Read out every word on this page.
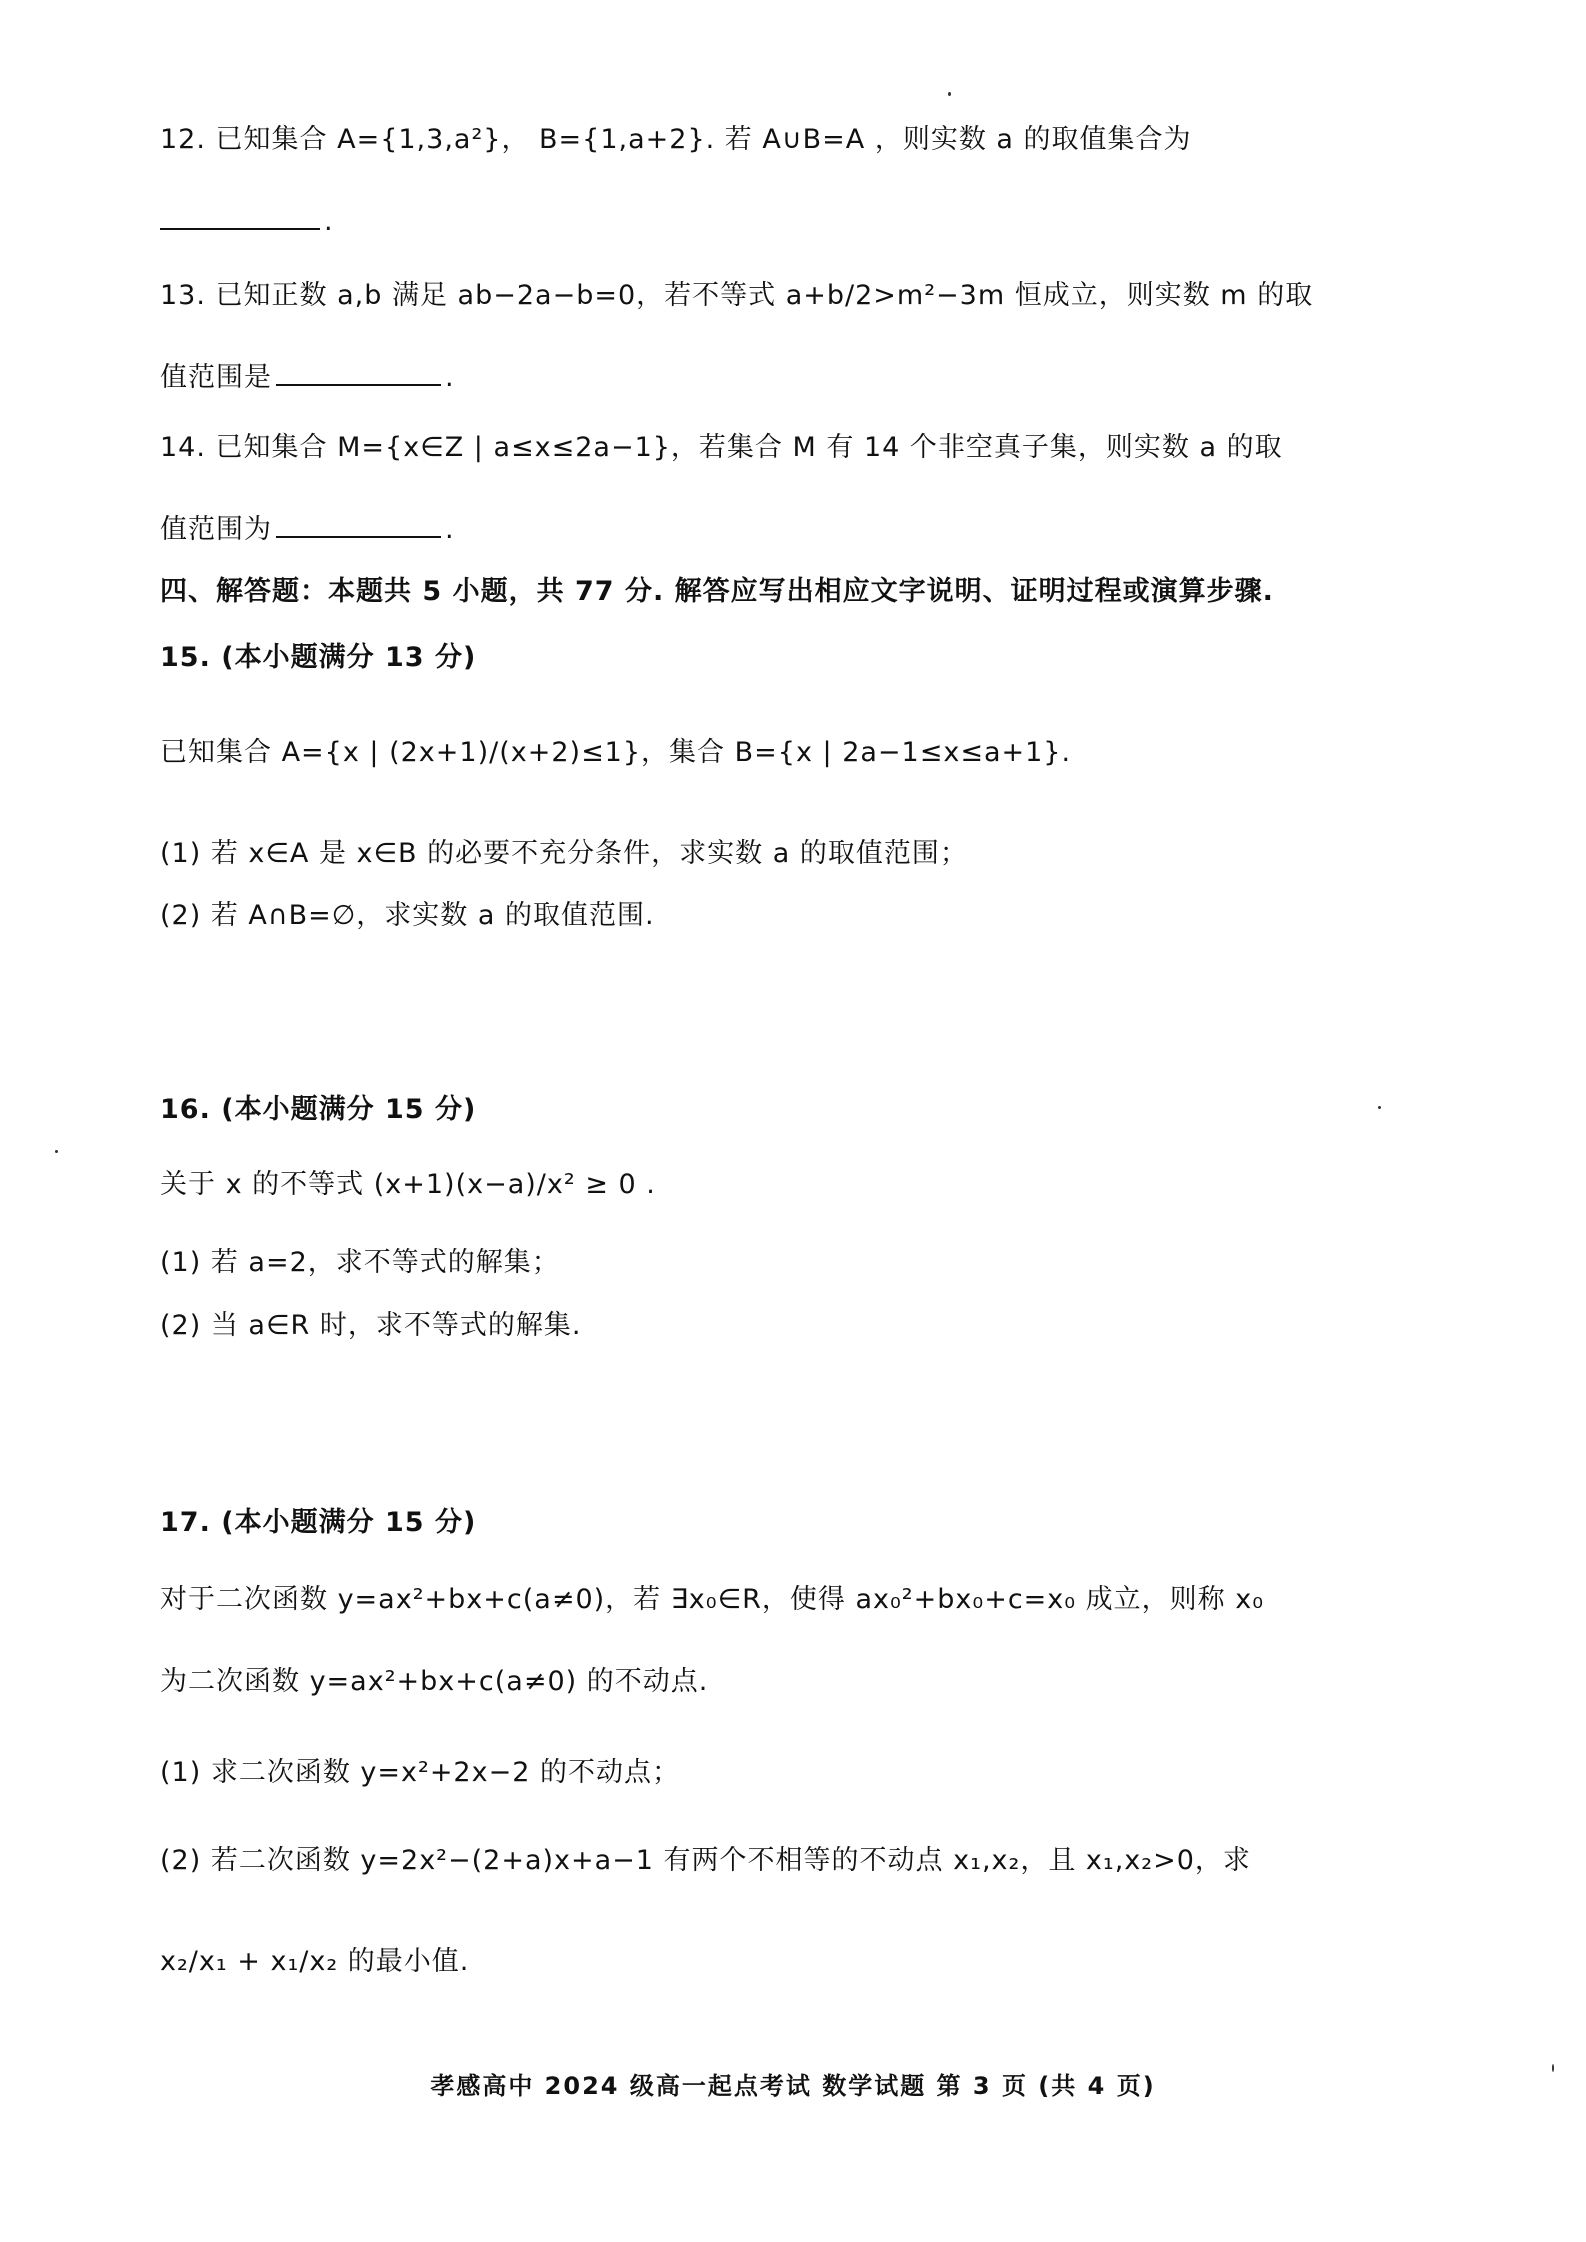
12. 已知集合 A={1,3,a²}， B={1,a+2}. 若 A∪B=A ，则实数 a 的取值集合为
.
13. 已知正数 a,b 满足 ab−2a−b=0，若不等式 a+b/2>m²−3m 恒成立，则实数 m 的取
值范围是	.
14. 已知集合 M={x∈Z | a≤x≤2a−1}，若集合 M 有 14 个非空真子集，则实数 a 的取
值范围为	.
四、解答题：本题共 5 小题，共 77 分. 解答应写出相应文字说明、证明过程或演算步骤.
15. (本小题满分 13 分)
已知集合 A={x | (2x+1)/(x+2)≤1}，集合 B={x | 2a−1≤x≤a+1}.
(1) 若 x∈A 是 x∈B 的必要不充分条件，求实数 a 的取值范围；
(2) 若 A∩B=∅，求实数 a 的取值范围.
16. (本小题满分 15 分)
关于 x 的不等式 (x+1)(x−a)/x² ≥ 0 .
(1) 若 a=2，求不等式的解集；
(2) 当 a∈R 时，求不等式的解集.
17. (本小题满分 15 分)
对于二次函数 y=ax²+bx+c(a≠0)，若 ∃x₀∈R，使得 ax₀²+bx₀+c=x₀ 成立，则称 x₀
为二次函数 y=ax²+bx+c(a≠0) 的不动点.
(1) 求二次函数 y=x²+2x−2 的不动点；
(2) 若二次函数 y=2x²−(2+a)x+a−1 有两个不相等的不动点 x₁,x₂，且 x₁,x₂>0，求
x₂/x₁ + x₁/x₂ 的最小值.
孝感高中 2024 级高一起点考试 数学试题 第 3 页 (共 4 页)
